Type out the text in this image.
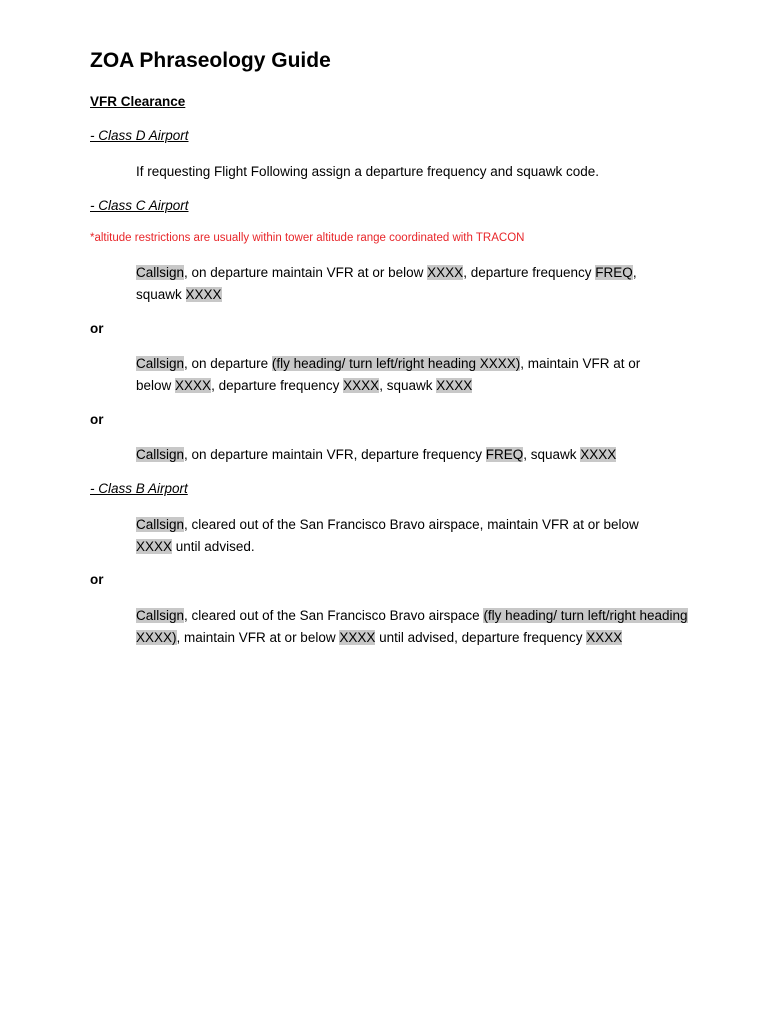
ZOA Phraseology Guide
VFR Clearance
- Class D Airport
If requesting Flight Following assign a departure frequency and squawk code.
- Class C Airport
*altitude restrictions are usually within tower altitude range coordinated with TRACON
Callsign, on departure maintain VFR at or below XXXX, departure frequency FREQ, squawk XXXX
or
Callsign, on departure (fly heading/ turn left/right heading XXXX), maintain VFR at or below XXXX, departure frequency XXXX, squawk XXXX
or
Callsign, on departure maintain VFR, departure frequency FREQ, squawk XXXX
- Class B Airport
Callsign, cleared out of the San Francisco Bravo airspace, maintain VFR at or below XXXX until advised.
or
Callsign, cleared out of the San Francisco Bravo airspace (fly heading/ turn left/right heading XXXX), maintain VFR at or below XXXX until advised, departure frequency XXXX
